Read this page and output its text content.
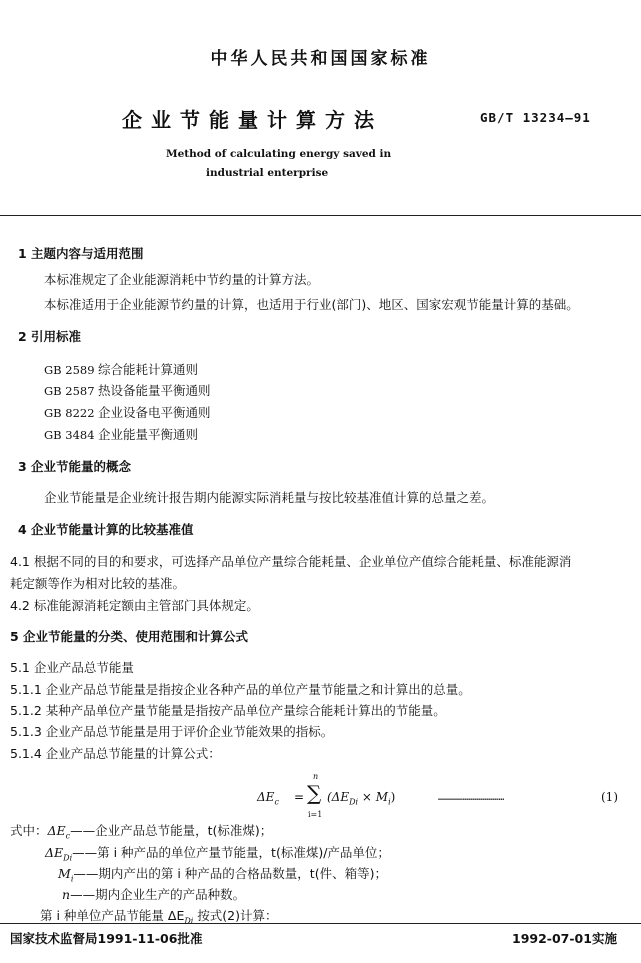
中华人民共和国国家标准
企业节能量计算方法	GB/T 13234—91
Method of calculating energy saved in
industrial enterprise
1 主题内容与适用范围
本标准规定了企业能源消耗中节约量的计算方法。
本标准适用于企业能源节约量的计算，也适用于行业(部门)、地区、国家宏观节能量计算的基础。
2 引用标准
GB 2589 综合能耗计算通则
GB 2587 热设备能量平衡通则
GB 8222 企业设备电平衡通则
GB 3484 企业能量平衡通则
3 企业节能量的概念
企业节能量是企业统计报告期内能源实际消耗量与按比较基准值计算的总量之差。
4 企业节能量计算的比较基准值
4.1 根据不同的目的和要求，可选择产品单位产量综合能耗量、企业单位产值综合能耗量、标准能源消
耗定额等作为相对比较的基准。
4.2 标准能源消耗定额由主管部门具体规定。
5 企业节能量的分类、使用范围和计算公式
5.1 企业产品总节能量
5.1.1 企业产品总节能量是指按企业各种产品的单位产量节能量之和计算出的总量。
5.1.2 某种产品单位产量节能量是指按产品单位产量综合能耗计算出的节能量。
5.1.3 企业产品总节能量是用于评价企业节能效果的指标。
5.1.4 企业产品总节能量的计算公式：
$\Delta E_c$ =
n
∑
i=1
$(\Delta E_{Di} \times M_i)$	……………………………	(1)
式中：$\Delta E_c——$企业产品总节能量，t(标准煤)；
$\Delta E_{Di}——$第 i 种产品的单位产量节能量，t(标准煤)/产品单位；
$M_i——$期内产出的第 i 种产品的合格品数量，t(件、箱等)；
n——期内企业生产的产品种数。
第 i 种单位产品节能量 $\Delta E_{Di}$ 按式(2)计算：
国家技术监督局1991-11-06批准	1992-07-01实施
